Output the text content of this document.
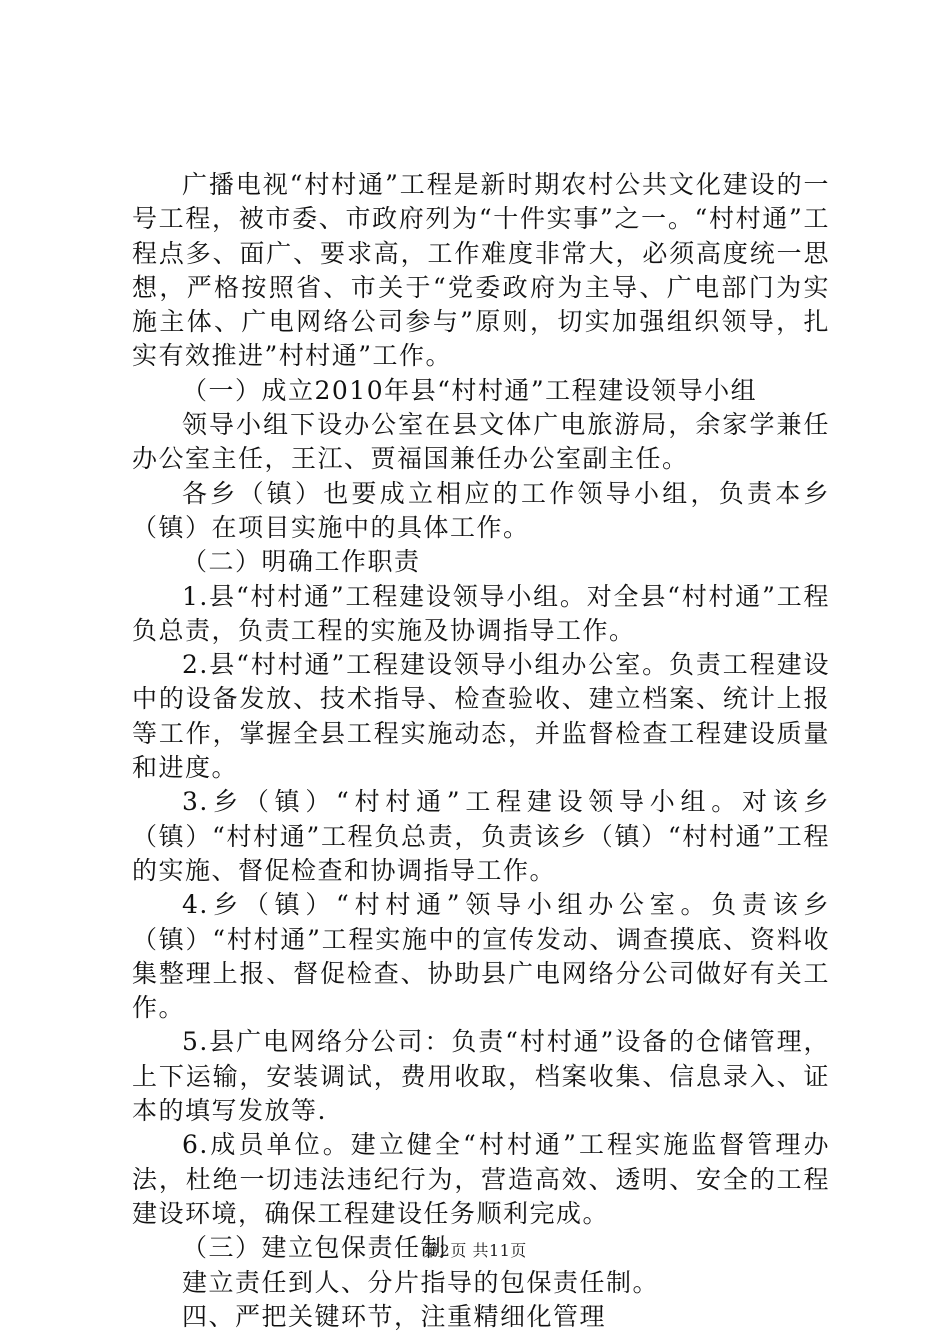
广播电视“村村通”工程是新时期农村公共文化建设的一号工程，被市委、市政府列为“十件实事”之一。“村村通”工程点多、面广、要求高，工作难度非常大，必须高度统一思想，严格按照省、市关于“党委政府为主导、广电部门为实施主体、广电网络公司参与”原则，切实加强组织领导，扎实有效推进”村村通”工作。

（一）成立2010年县“村村通”工程建设领导小组

领导小组下设办公室在县文体广电旅游局，余家学兼任办公室主任，王江、贾福国兼任办公室副主任。

各乡（镇）也要成立相应的工作领导小组，负责本乡（镇）在项目实施中的具体工作。

（二）明确工作职责

1.县“村村通”工程建设领导小组。对全县“村村通”工程负总责，负责工程的实施及协调指导工作。

2.县“村村通”工程建设领导小组办公室。负责工程建设中的设备发放、技术指导、检查验收、建立档案、统计上报等工作，掌握全县工程实施动态，并监督检查工程建设质量和进度。

3.乡（镇）“村村通”工程建设领导小组。对该乡（镇）“村村通”工程负总责，负责该乡（镇）“村村通”工程的实施、督促检查和协调指导工作。

4.乡（镇）“村村通”领导小组办公室。负责该乡（镇）“村村通”工程实施中的宣传发动、调查摸底、资料收集整理上报、督促检查、协助县广电网络分公司做好有关工作。

5.县广电网络分公司：负责“村村通”设备的仓储管理，上下运输，安装调试，费用收取，档案收集、信息录入、证本的填写发放等.

6.成员单位。建立健全“村村通”工程实施监督管理办法，杜绝一切违法违纪行为，营造高效、透明、安全的工程建设环境，确保工程建设任务顺利完成。

（三）建立包保责任制

建立责任到人、分片指导的包保责任制。

四、严把关键环节，注重精细化管理

第2页 共11页
